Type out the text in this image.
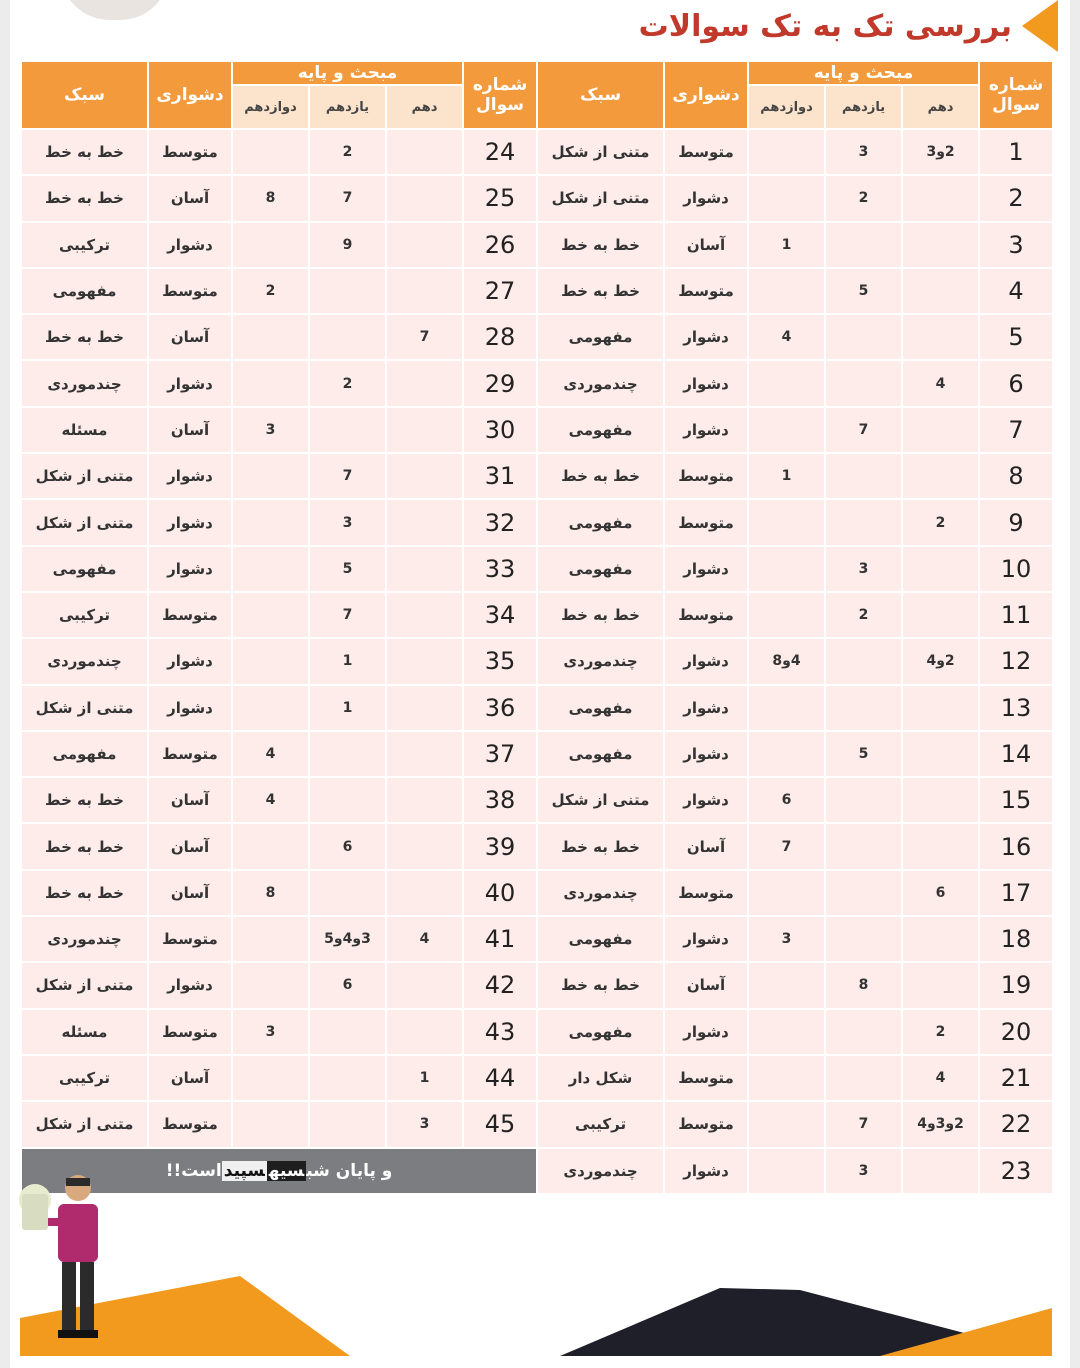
بررسی تک به تک سوالات
سبک	دشواری	مبحث و پایه			شماره سوال	سبک	دشواری	مبحث و پایه			شماره سوال
		دوازدهم	یازدهم	دهم				دوازدهم	یازدهم	دهم	
خط به خط	متوسط		2		24	متنی از شکل	متوسط		3	2و3	1
خط به خط	آسان	8	7		25	متنی از شکل	دشوار		2		2
ترکیبی	دشوار		9		26	خط به خط	آسان	1			3
مفهومی	متوسط	2			27	خط به خط	متوسط		5		4
خط به خط	آسان			7	28	مفهومی	دشوار	4			5
چندموردی	دشوار		2		29	چندموردی	دشوار			4	6
مسئله	آسان	3			30	مفهومی	دشوار		7		7
متنی از شکل	دشوار		7		31	خط به خط	متوسط	1			8
متنی از شکل	دشوار		3		32	مفهومی	متوسط			2	9
مفهومی	دشوار		5		33	مفهومی	دشوار		3		10
ترکیبی	متوسط		7		34	خط به خط	متوسط		2		11
چندموردی	دشوار		1		35	چندموردی	دشوار	4و8		2و4	12
متنی از شکل	دشوار		1		36	مفهومی	دشوار				13
مفهومی	متوسط	4			37	مفهومی	دشوار		5		14
خط به خط	آسان	4			38	متنی از شکل	دشوار	6			15
خط به خط	آسان		6		39	خط به خط	آسان	7			16
خط به خط	آسان	8			40	چندموردی	متوسط			6	17
چندموردی	متوسط		3و4و5	4	41	مفهومی	دشوار	3			18
متنی از شکل	دشوار		6		42	خط به خط	آسان		8		19
مسئله	متوسط	3			43	مفهومی	دشوار			2	20
ترکیبی	آسان			1	44	شکل دار	متوسط			4	21
متنی از شکل	متوسط			3	45	ترکیبی	متوسط		7	2و3و4	22
و پایان شبسیهسپیداست!!						چندموردی	دشوار		3		23
